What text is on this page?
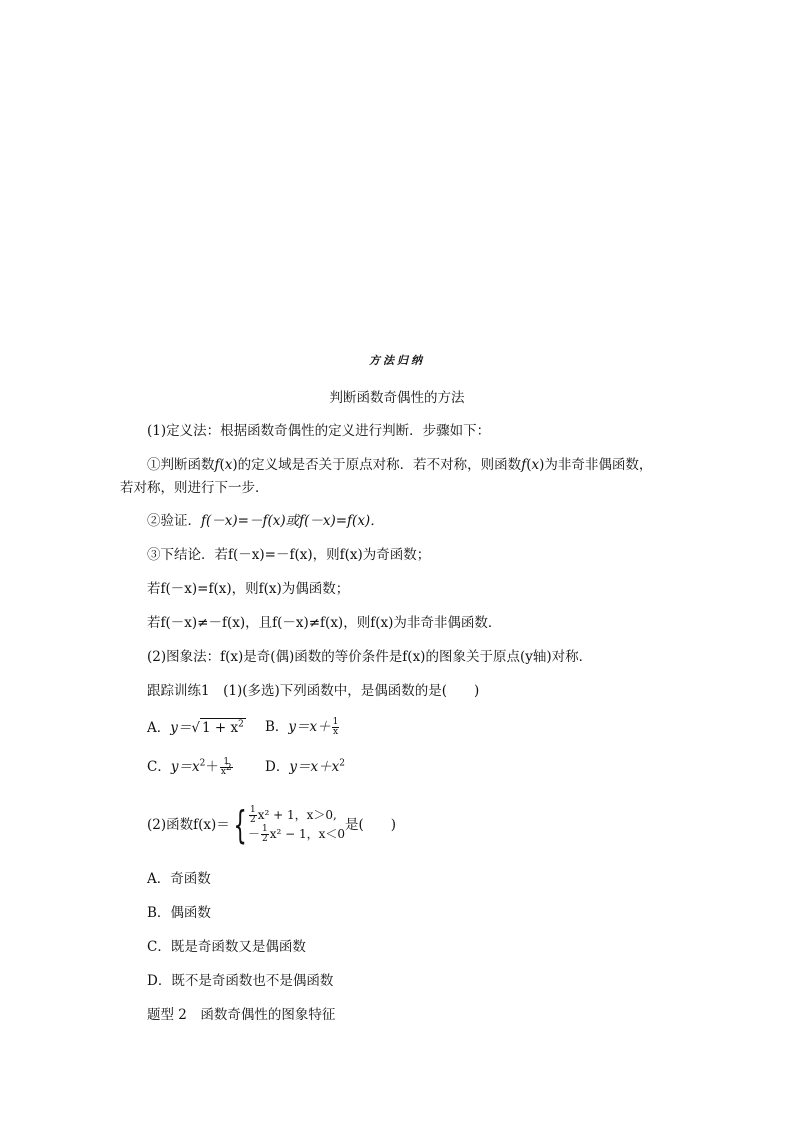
方法归纳
判断函数奇偶性的方法
(1)定义法：根据函数奇偶性的定义进行判断．步骤如下：
①判断函数f(x)的定义域是否关于原点对称．若不对称，则函数f(x)为非奇非偶函数，
若对称，则进行下一步．
②验证．f(－x)=－f(x)或f(－x)=f(x)．
③下结论．若f(－x)=－f(x)，则f(x)为奇函数；
若f(－x)=f(x)，则f(x)为偶函数；
若f(－x)≠－f(x)，且f(－x)≠f(x)，则f(x)为非奇非偶函数．
(2)图象法：f(x)是奇(偶)函数的等价条件是f(x)的图象关于原点(y轴)对称．
跟踪训练1　(1)(多选)下列函数中，是偶函数的是(　　)
A．y＝√ $1 + x^2$ B．$y=x+ \frac{1}{x}$
C．$y=x^2+ \frac{1}{x^2}$ D．$y=x+x^2$
(2)函数f(x)＝ { $\frac{1}{2} x^2 + 1$，x＞0,
－ $\frac{1}{2} x^2 - 1$，x＜0
是(　　)
A．奇函数
B．偶函数
C．既是奇函数又是偶函数
D．既不是奇函数也不是偶函数
题型 2　函数奇偶性的图象特征
